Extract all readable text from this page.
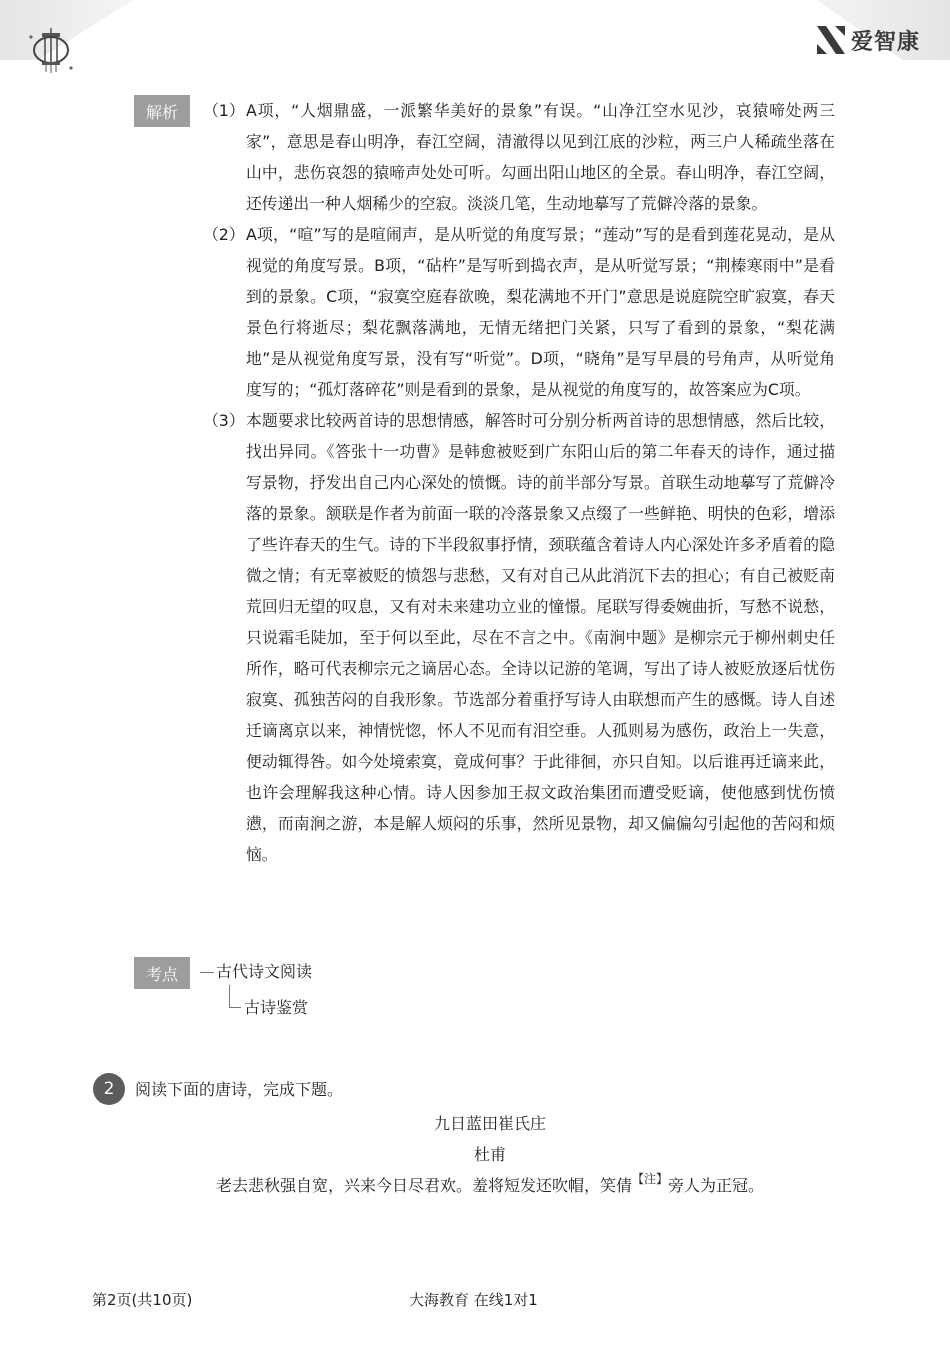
爱智康
解析	（1） A项，“人烟鼎盛，一派繁华美好的景象”有误。“山净江空水见沙，哀猿啼处两三家”，意思是春山明净，春江空阔，清澈得以见到江底的沙粒，两三户人稀疏坐落在山中，悲伤哀怨的猿啼声处处可听。勾画出阳山地区的全景。春山明净，春江空阔，还传递出一种人烟稀少的空寂。淡淡几笔，生动地摹写了荒僻冷落的景象。
（2） A项，“喧”写的是喧闹声，是从听觉的角度写景；“莲动”写的是看到莲花晃动，是从视觉的角度写景。B项，“砧杵”是写听到捣衣声，是从听觉写景；“荆榛寒雨中”是看到的景象。C项，“寂寞空庭春欲晚，梨花满地不开门”意思是说庭院空旷寂寞，春天景色行将逝尽；梨花飘落满地，无情无绪把门关紧，只写了看到的景象，“梨花满地”是从视觉角度写景，没有写“听觉”。D项，“晓角”是写早晨的号角声，从听觉角度写的；“孤灯落碎花”则是看到的景象，是从视觉的角度写的，故答案应为C项。
（3） 本题要求比较两首诗的思想情感，解答时可分别分析两首诗的思想情感，然后比较，找出异同。《答张十一功曹》是韩愈被贬到广东阳山后的第二年春天的诗作，通过描写景物，抒发出自己内心深处的愤慨。诗的前半部分写景。首联生动地摹写了荒僻冷落的景象。颔联是作者为前面一联的冷落景象又点缀了一些鲜艳、明快的色彩，增添了些许春天的生气。诗的下半段叙事抒情，颈联蕴含着诗人内心深处许多矛盾着的隐微之情；有无辜被贬的愤怨与悲愁，又有对自己从此消沉下去的担心；有自己被贬南荒回归无望的叹息，又有对未来建功立业的憧憬。尾联写得委婉曲折，写愁不说愁，只说霜毛陡加，至于何以至此，尽在不言之中。《南涧中题》是柳宗元于柳州刺史任所作，略可代表柳宗元之谪居心态。全诗以记游的笔调，写出了诗人被贬放逐后忧伤寂寞、孤独苦闷的自我形象。节选部分着重抒写诗人由联想而产生的感慨。诗人自述迁谪离京以来，神情恍惚，怀人不见而有泪空垂。人孤则易为感伤，政治上一失意，便动辄得咎。如今处境索寞，竟成何事？于此徘徊，亦只自知。以后谁再迁谪来此，也许会理解我这种心情。诗人因参加王叔文政治集团而遭受贬谪，使他感到忧伤愤懑，而南涧之游，本是解人烦闷的乐事，然所见景物，却又偏偏勾引起他的苦闷和烦恼。
考点	古代诗文阅读
古诗鉴赏
2	阅读下面的唐诗，完成下题。
九日蓝田崔氏庄
杜甫
老去悲秋强自宽，兴来今日尽君欢。羞将短发还吹帽，笑倩$^{【注】}$旁人为正冠。
第2页(共10页)	大海教育 在线1对1
